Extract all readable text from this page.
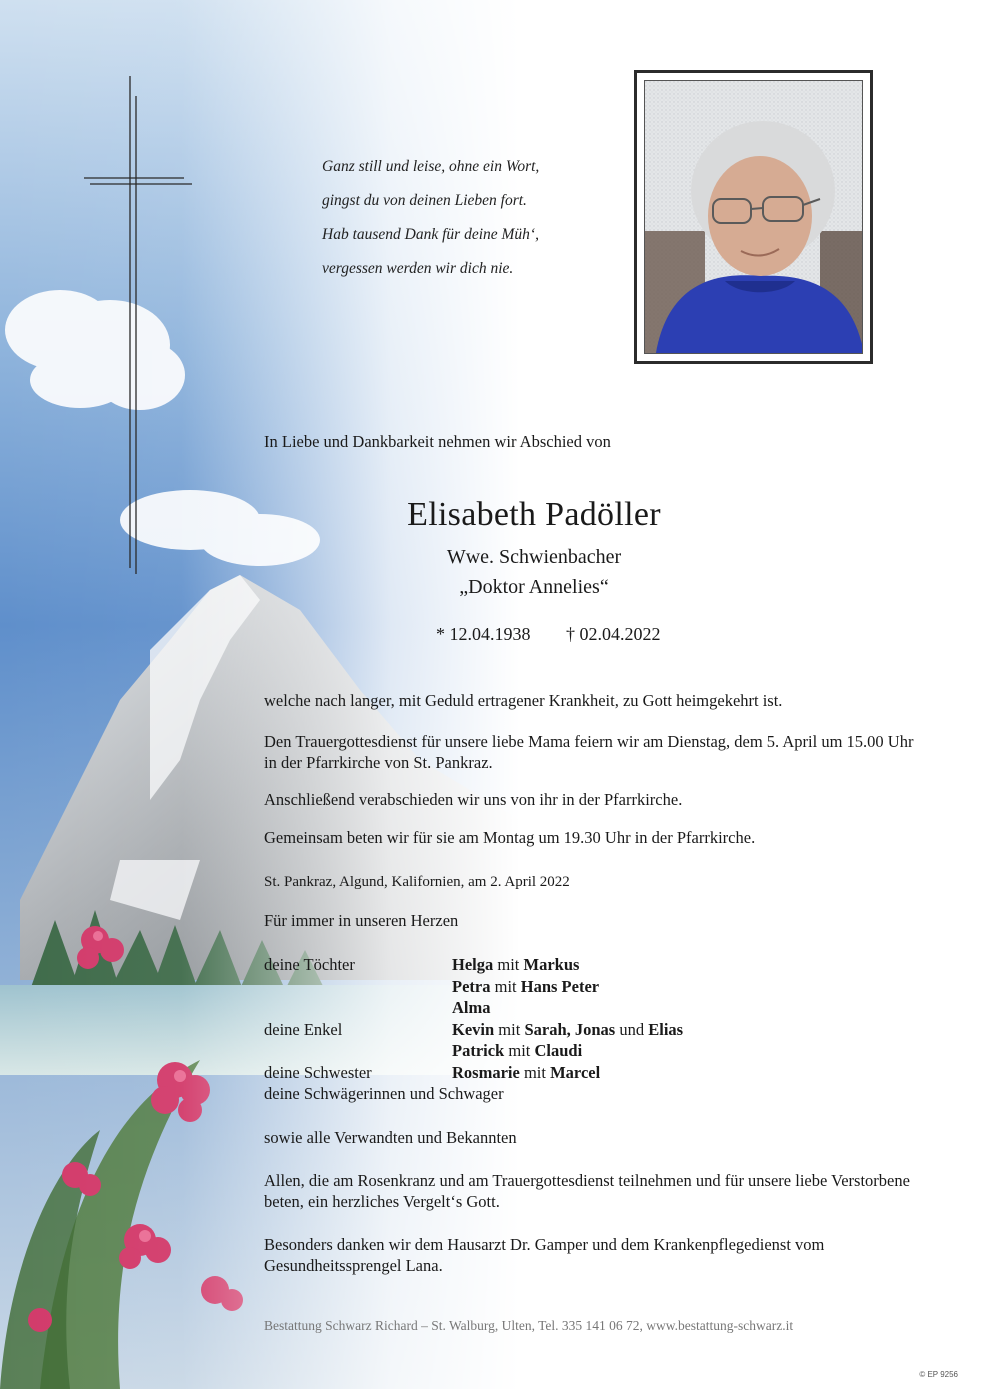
Ganz still und leise, ohne ein Wort,
gingst du von deinen Lieben fort.
Hab tausend Dank für deine Müh‘,
vergessen werden wir dich nie.
In Liebe und Dankbarkeit nehmen wir Abschied von
Elisabeth Padöller
Wwe. Schwienbacher
„Doktor Annelies“
* 12.04.1938 † 02.04.2022
welche nach langer, mit Geduld ertragener Krankheit, zu Gott heimgekehrt ist.
Den Trauergottesdienst für unsere liebe Mama feiern wir am Dienstag, dem 5. April um 15.00 Uhr in der Pfarrkirche von St. Pankraz.
Anschließend verabschieden wir uns von ihr in der Pfarrkirche.
Gemeinsam beten wir für sie am Montag um 19.30 Uhr in der Pfarrkirche.
St. Pankraz, Algund, Kalifornien, am 2. April 2022
Für immer in unseren Herzen
deine Töchter	Helga mit Markus
Petra mit Hans Peter
Alma
deine Enkel	Kevin mit Sarah, Jonas und Elias
Patrick mit Claudi
deine Schwester	Rosmarie mit Marcel
deine Schwägerinnen und Schwager
sowie alle Verwandten und Bekannten
Allen, die am Rosenkranz und am Trauergottesdienst teilnehmen und für unsere liebe Verstorbene beten, ein herzliches Vergelt‘s Gott.
Besonders danken wir dem Hausarzt Dr. Gamper und dem Krankenpflegedienst vom Gesundheitssprengel Lana.
Bestattung Schwarz Richard – St. Walburg, Ulten, Tel. 335 141 06 72, www.bestattung-schwarz.it
© EP 9256
